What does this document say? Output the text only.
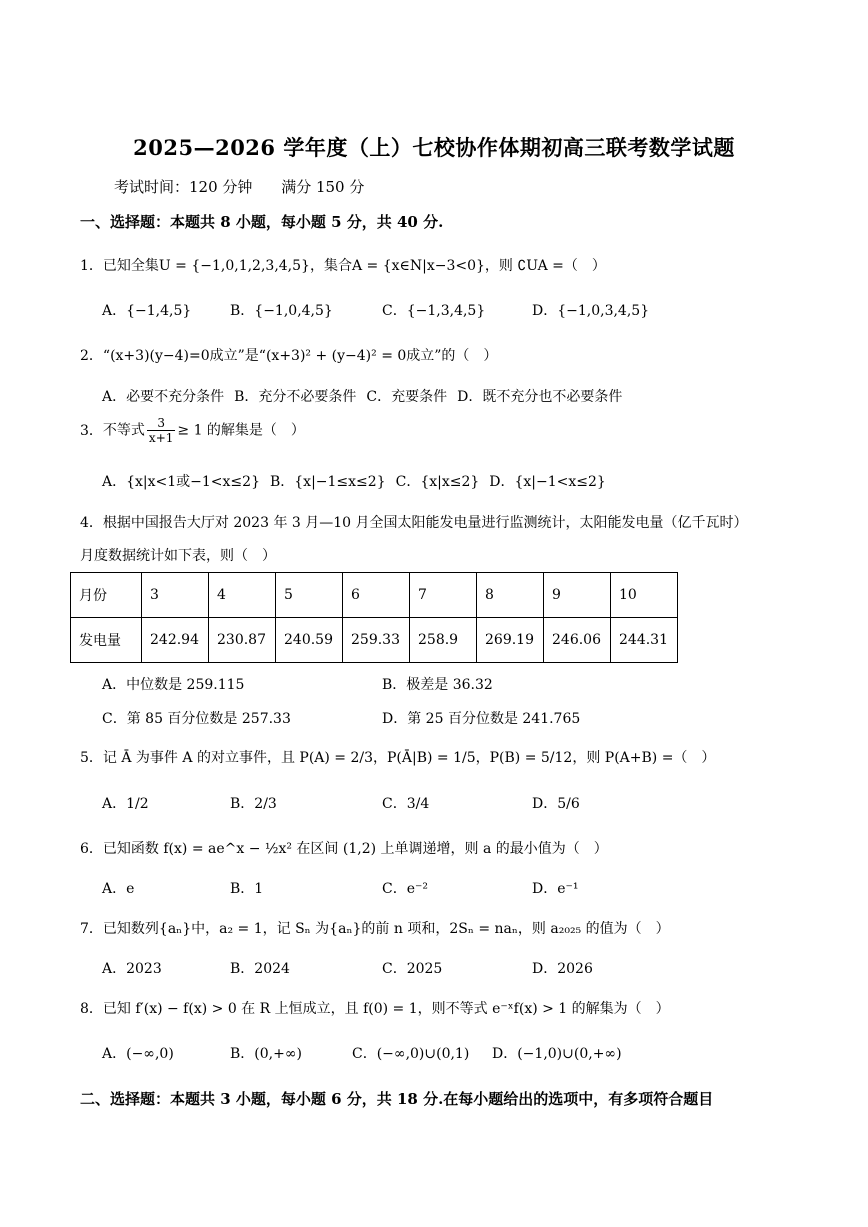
2025—2026 学年度（上）七校协作体期初高三联考数学试题
考试时间：120 分钟 满分 150 分
一、选择题：本题共 8 小题，每小题 5 分，共 40 分.
1．已知全集U = {−1,0,1,2,3,4,5}，集合A = {x∈N|x−3<0}，则 ∁UA =（　）
A．{−1,4,5}	B．{−1,0,4,5}	C．{−1,3,4,5}	D．{−1,0,3,4,5}
2．“(x+3)(y−4)=0成立”是“(x+3)² + (y−4)² = 0成立”的（　）
A．必要不充分条件 B．充分不必要条件 C．充要条件 D．既不充分也不必要条件
3．不等式 $\frac{3}{x+1} \ge 1$ 的解集是（　）
A．{x|x<1或−1<x≤2} B．{x|−1≤x≤2} C．{x|x≤2} D．{x|−1<x≤2}
4．根据中国报告大厅对 2023 年 3 月—10 月全国太阳能发电量进行监测统计，太阳能发电量（亿千瓦时）
月度数据统计如下表，则（　）
月份	3	4	5	6	7	8	9	10
发电量	242.94	230.87	240.59	259.33	258.9	269.19	246.06	244.31
A．中位数是 259.115	B．极差是 36.32
C．第 85 百分位数是 257.33	D．第 25 百分位数是 241.765
5．记 Ā 为事件 A 的对立事件，且 P(A) = 2/3，P(Ā|B) = 1/5，P(B) = 5/12，则 P(A+B) =（　）
A．1/2	B．2/3	C．3/4	D．5/6
6．已知函数 f(x) = ae^x − ½x² 在区间 (1,2) 上单调递增，则 a 的最小值为（　）
A．e	B．1	C．e⁻²	D．e⁻¹
7．已知数列{aₙ}中，a₂ = 1，记 Sₙ 为{aₙ}的前 n 项和，2Sₙ = naₙ，则 a₂₀₂₅ 的值为（　）
A．2023	B．2024	C．2025	D．2026
8．已知 f′(x) − f(x) > 0 在 R 上恒成立，且 f(0) = 1，则不等式 e⁻ˣf(x) > 1 的解集为（　）
A．(−∞,0)	B．(0,+∞)	C．(−∞,0)∪(0,1) D．(−1,0)∪(0,+∞)
二、选择题：本题共 3 小题，每小题 6 分，共 18 分.在每小题给出的选项中，有多项符合题目
